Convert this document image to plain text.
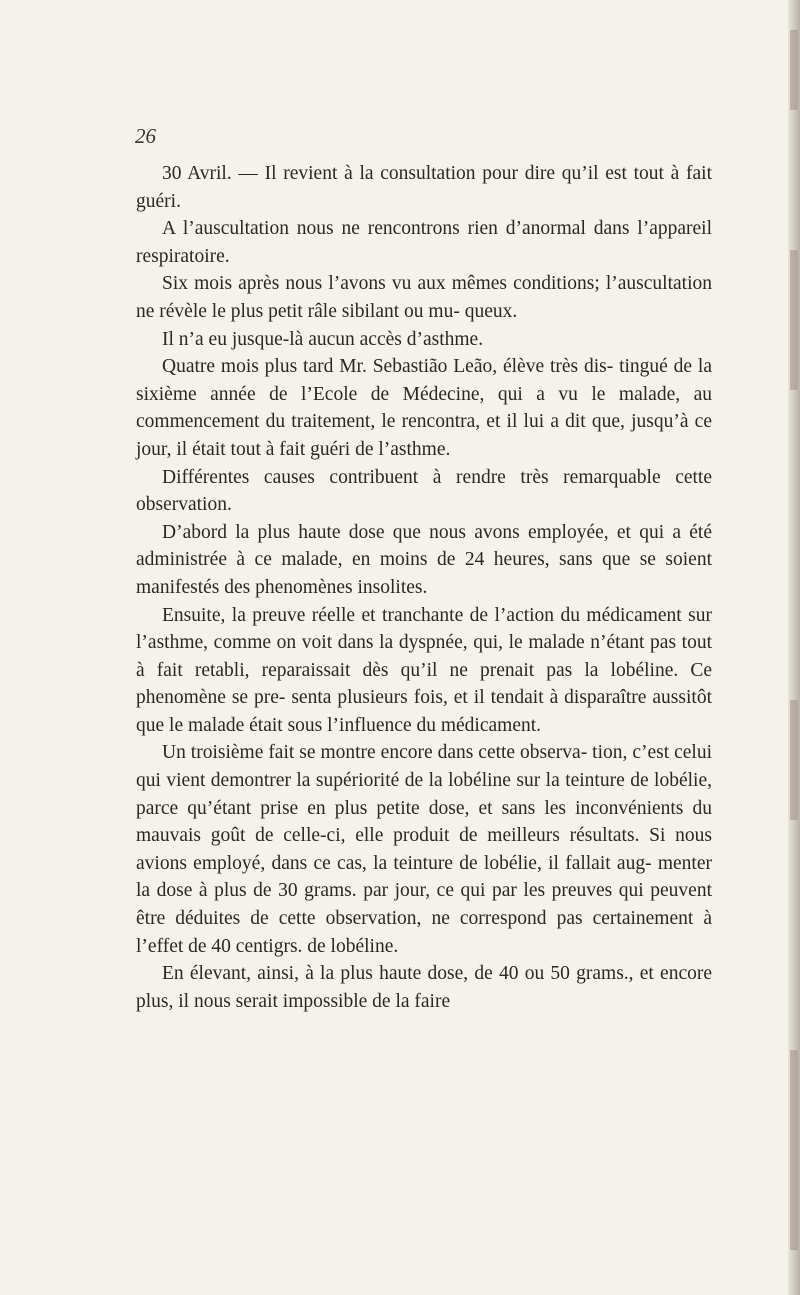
26

30 Avril. — Il revient à la consultation pour dire qu’il est tout à fait guéri.

A l’auscultation nous ne rencontrons rien d’anormal dans l’appareil respiratoire.

Six mois après nous l’avons vu aux mêmes conditions; l’auscultation ne révèle le plus petit râle sibilant ou mu- queux.

Il n’a eu jusque-là aucun accès d’asthme.

Quatre mois plus tard Mr. Sebastião Leão, élève très dis- tingué de la sixième année de l’Ecole de Médecine, qui a vu le malade, au commencement du traitement, le rencontra, et il lui a dit que, jusqu’à ce jour, il était tout à fait guéri de l’asthme.

Différentes causes contribuent à rendre très remarquable cette observation.

D’abord la plus haute dose que nous avons employée, et qui a été administrée à ce malade, en moins de 24 heures, sans que se soient manifestés des phenomènes insolites.

Ensuite, la preuve réelle et tranchante de l’action du médicament sur l’asthme, comme on voit dans la dyspnée, qui, le malade n’étant pas tout à fait retabli, reparaissait dès qu’il ne prenait pas la lobéline. Ce phenomène se pre- senta plusieurs fois, et il tendait à disparaître aussitôt que le malade était sous l’influence du médicament.

Un troisième fait se montre encore dans cette observa- tion, c’est celui qui vient demontrer la supériorité de la lobéline sur la teinture de lobélie, parce qu’étant prise en plus petite dose, et sans les inconvénients du mauvais goût de celle-ci, elle produit de meilleurs résultats. Si nous avions employé, dans ce cas, la teinture de lobélie, il fallait aug- menter la dose à plus de 30 grams. par jour, ce qui par les preuves qui peuvent être déduites de cette observation, ne correspond pas certainement à l’effet de 40 centigrs. de lobéline.

En élevant, ainsi, à la plus haute dose, de 40 ou 50 grams., et encore plus, il nous serait impossible de la faire
